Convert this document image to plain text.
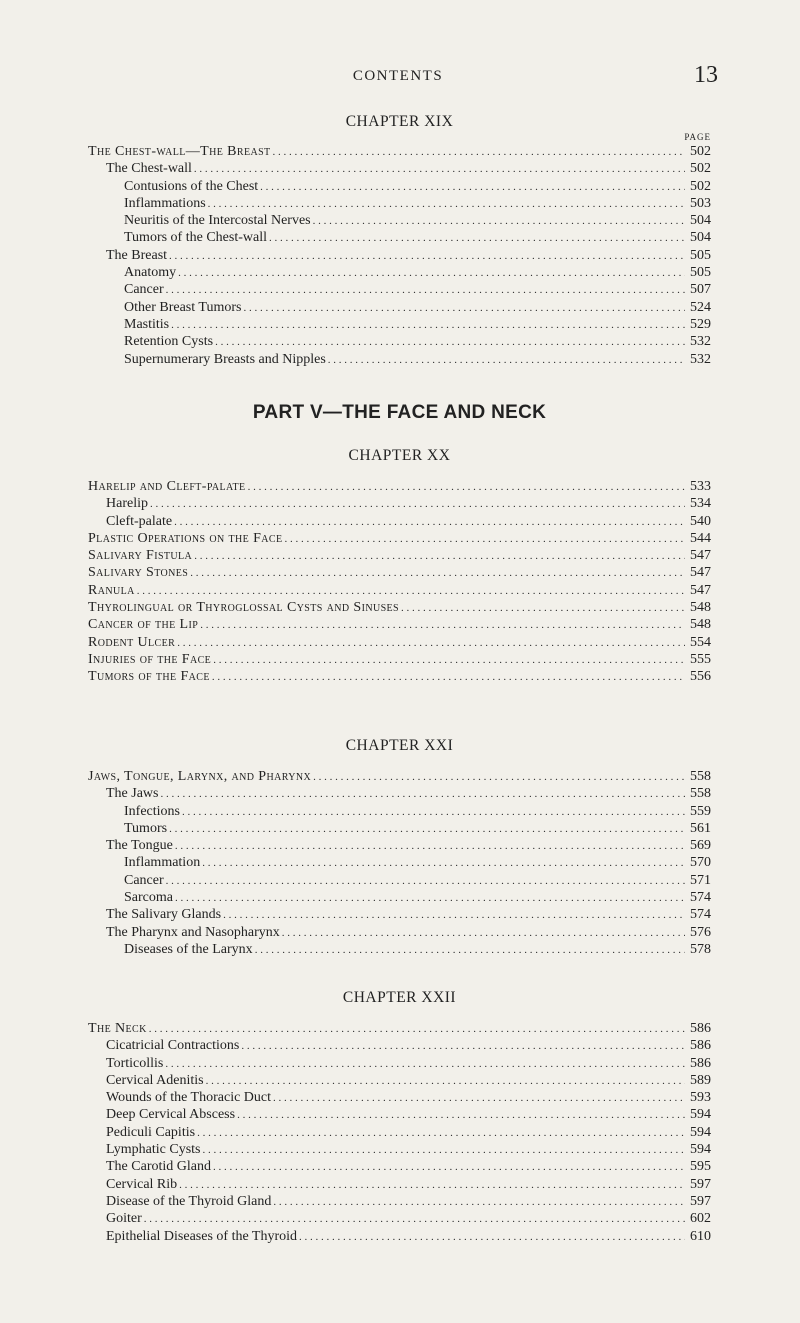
CONTENTS	13
CHAPTER XIX
PAGE
The Chest-wall—The Breast . . .	502
The Chest-wall . . .	502
Contusions of the Chest . . .	502
Inflammations . . .	503
Neuritis of the Intercostal Nerves . . .	504
Tumors of the Chest-wall . . .	504
The Breast . . .	505
Anatomy . . .	505
Cancer . . .	507
Other Breast Tumors . . .	524
Mastitis . . .	529
Retention Cysts . . .	532
Supernumerary Breasts and Nipples . . .	532
PART V—THE FACE AND NECK
CHAPTER XX
Harelip and Cleft-palate . . .	533
Harelip . . .	534
Cleft-palate . . .	540
Plastic Operations on the Face . . .	544
Salivary Fistula . . .	547
Salivary Stones . . .	547
Ranula . . .	547
Thyrolingual or Thyroglossal Cysts and Sinuses . . .	548
Cancer of the Lip . . .	548
Rodent Ulcer . . .	554
Injuries of the Face . . .	555
Tumors of the Face . . .	556
CHAPTER XXI
Jaws, Tongue, Larynx, and Pharynx . . .	558
The Jaws . . .	558
Infections . . .	559
Tumors . . .	561
The Tongue . . .	569
Inflammation . . .	570
Cancer . . .	571
Sarcoma . . .	574
The Salivary Glands . . .	574
The Pharynx and Nasopharynx . . .	576
Diseases of the Larynx . . .	578
CHAPTER XXII
The Neck . . .	586
Cicatricial Contractions . . .	586
Torticollis . . .	586
Cervical Adenitis . . .	589
Wounds of the Thoracic Duct . . .	593
Deep Cervical Abscess . . .	594
Pediculi Capitis . . .	594
Lymphatic Cysts . . .	594
The Carotid Gland . . .	595
Cervical Rib . . .	597
Disease of the Thyroid Gland . . .	597
Goiter . . .	602
Epithelial Diseases of the Thyroid . . .	610
